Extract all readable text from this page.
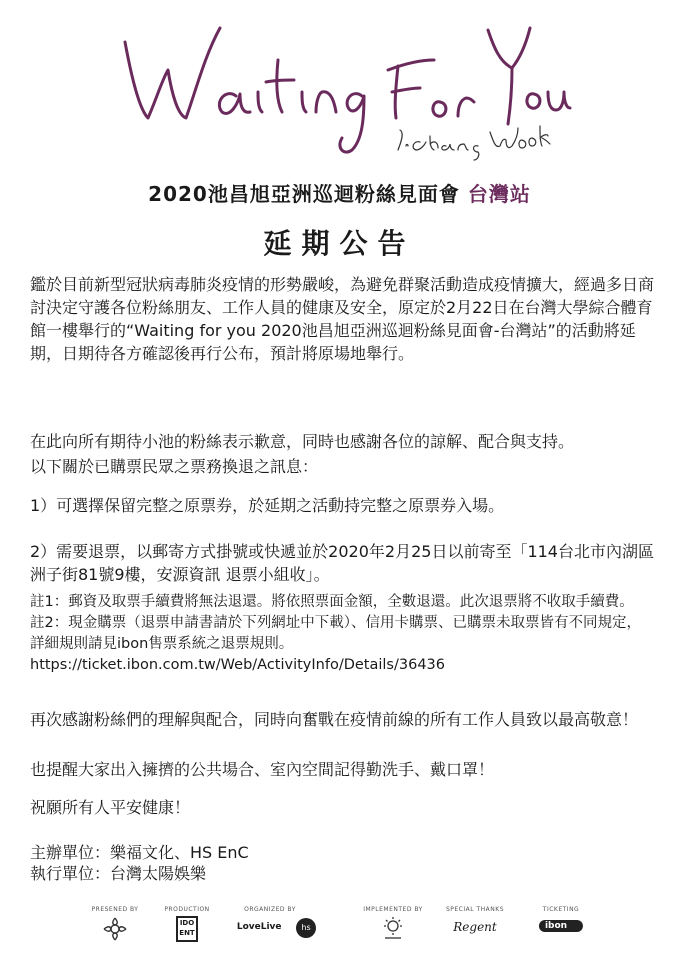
2020池昌旭亞洲巡迴粉絲見面會 台灣站
延期公告
鑑於目前新型冠狀病毒肺炎疫情的形勢嚴峻，為避免群聚活動造成疫情擴大，經過多日商討決定守護各位粉絲朋友、工作人員的健康及安全，原定於2月22日在台灣大學綜合體育館一樓舉行的“Waiting for you 2020池昌旭亞洲巡迴粉絲見面會-台灣站”的活動將延期，日期待各方確認後再行公布，預計將原場地舉行。
在此向所有期待小池的粉絲表示歉意，同時也感謝各位的諒解、配合與支持。
以下關於已購票民眾之票務換退之訊息：
1）可選擇保留完整之原票券，於延期之活動持完整之原票券入場。
2）需要退票，以郵寄方式掛號或快遞並於2020年2月25日以前寄至「114台北市內湖區洲子街81號9樓，安源資訊 退票小組收」。
註1：郵資及取票手續費將無法退還。將依照票面金額，全數退還。此次退票將不收取手續費。
註2：現金購票（退票申請書請於下列網址中下載）、信用卡購票、已購票未取票皆有不同規定，詳細規則請見ibon售票系統之退票規則。
https://ticket.ibon.com.tw/Web/ActivityInfo/Details/36436
再次感謝粉絲們的理解與配合，同時向奮戰在疫情前線的所有工作人員致以最高敬意！
也提醒大家出入擁擠的公共場合、室內空間記得勤洗手、戴口罩！
祝願所有人平安健康！
主辦單位：樂福文化、HS EnC
執行單位：台灣太陽娛樂
PRESENED BY	PRODUCTION
IDO ENT
ORGANIZED BY
LoveLive	hs
IMPLEMENTED BY	SPECIAL THANKS
Regent
TICKETING
ibon
